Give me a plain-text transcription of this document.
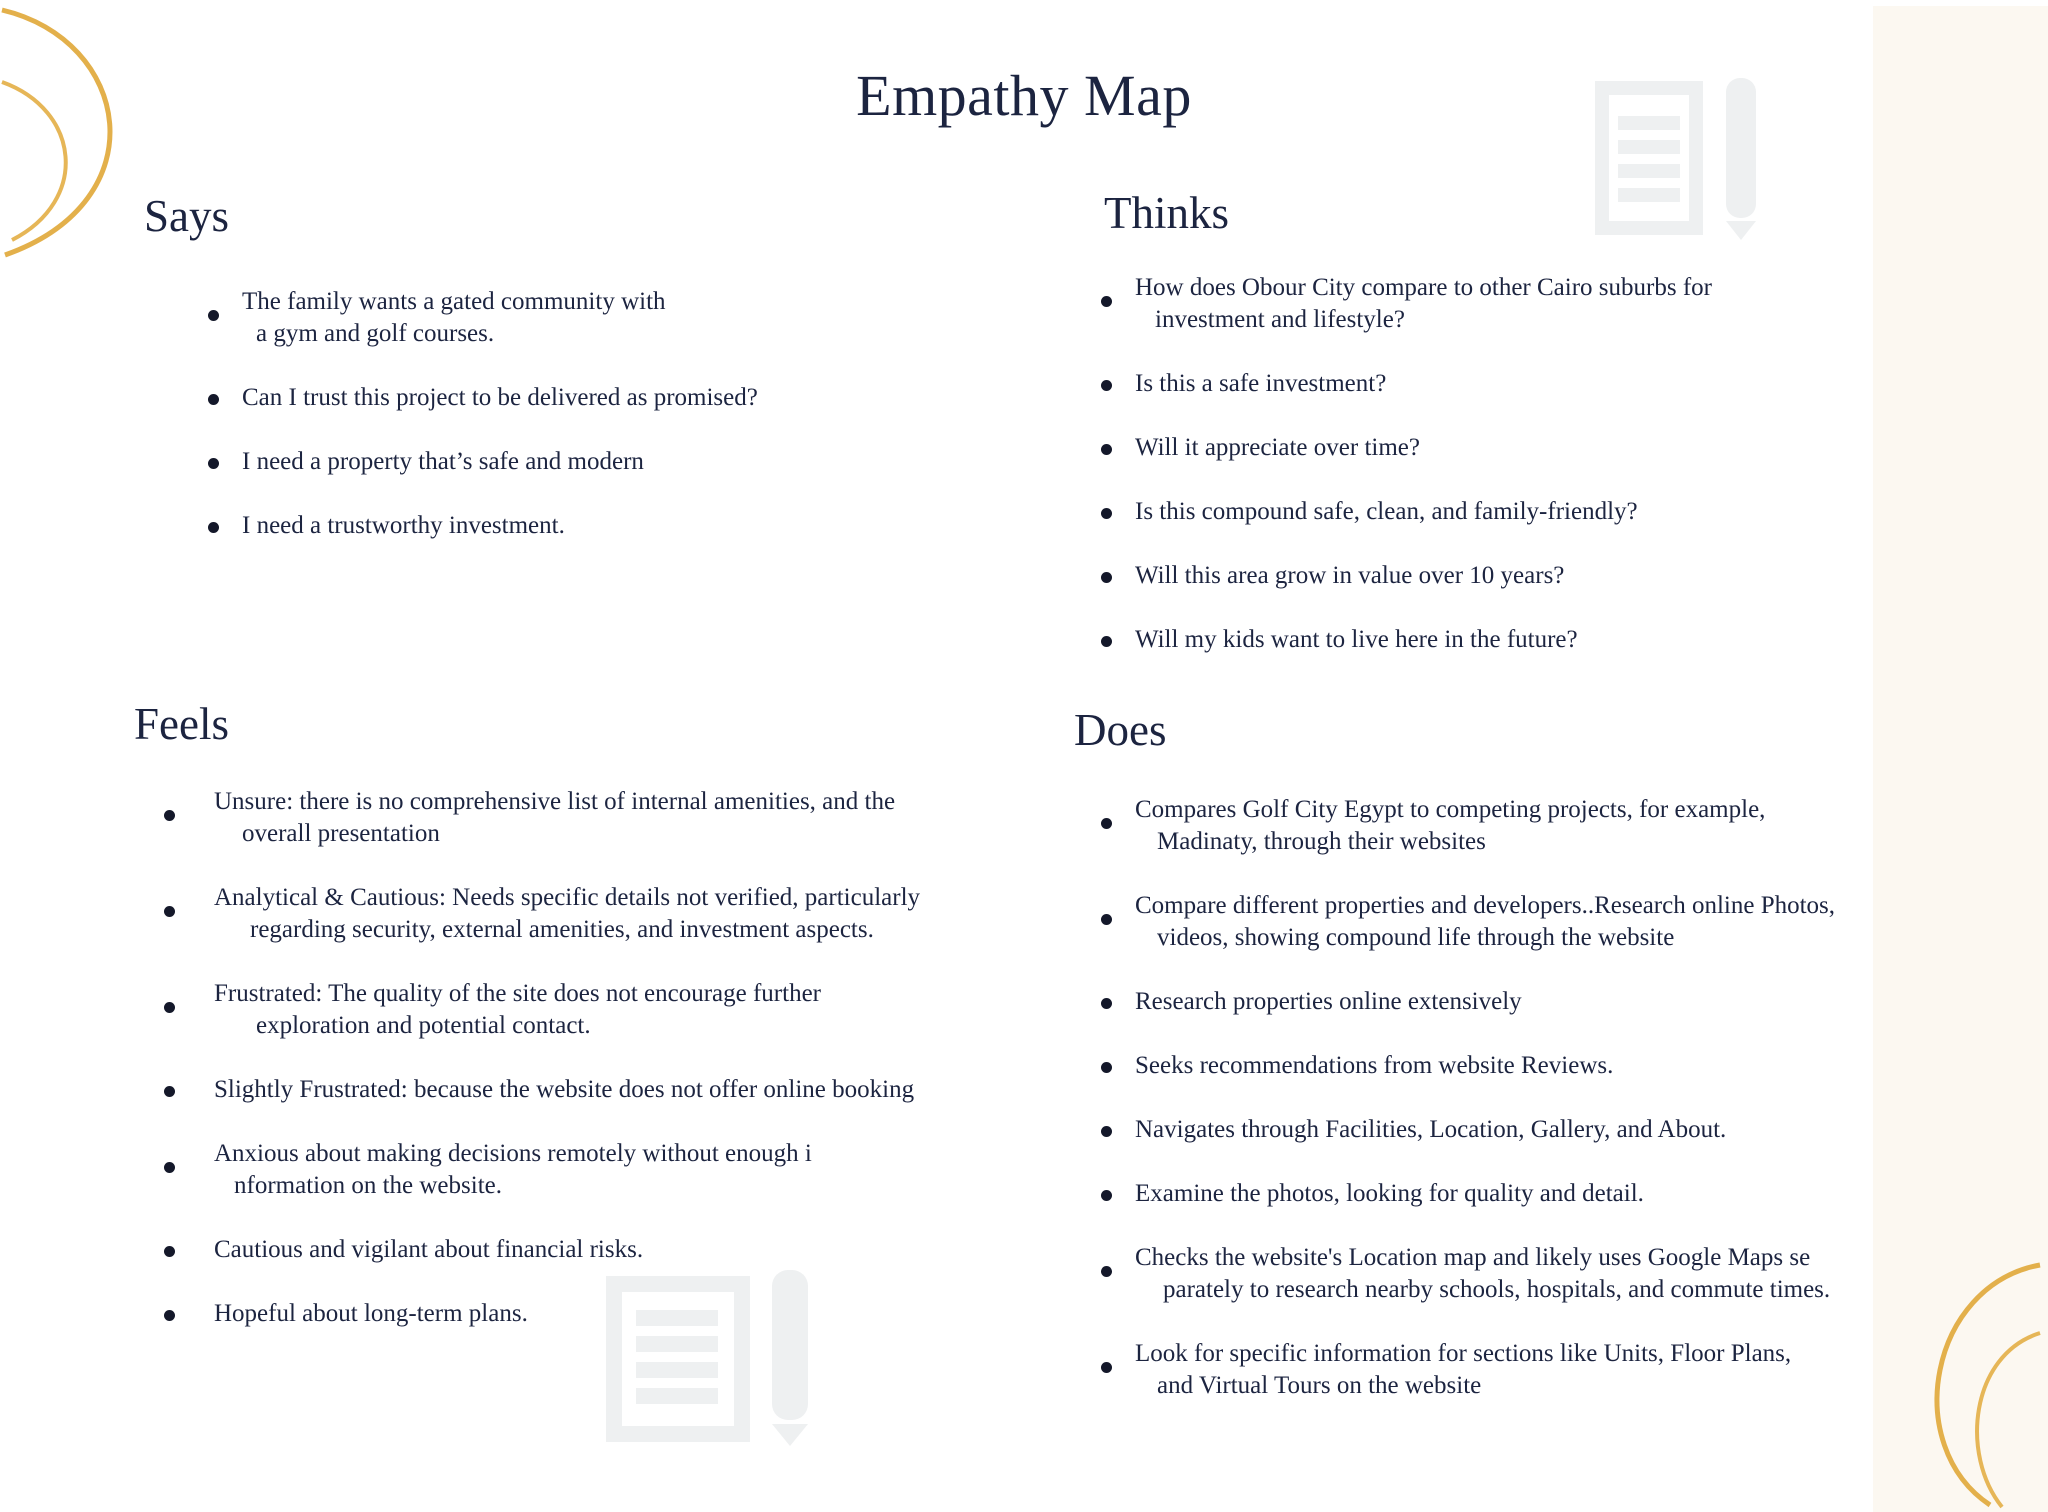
Empathy Map
Says
The family wants a gated community with
a gym and golf courses.
Can I trust this project to be delivered as promised?
I need a property that’s safe and modern
I need a trustworthy investment.
Thinks
How does Obour City compare to other Cairo suburbs for
investment and lifestyle?
Is this a safe investment?
Will it appreciate over time?
Is this compound safe, clean, and family-friendly?
Will this area grow in value over 10 years?
Will my kids want to live here in the future?
Feels
Unsure: there is no comprehensive list of internal amenities, and the
overall presentation
Analytical & Cautious: Needs specific details not verified, particularly
regarding security, external amenities, and investment aspects.
Frustrated: The quality of the site does not encourage further
exploration and potential contact.
Slightly Frustrated: because the website does not offer online booking
Anxious about making decisions remotely without enough i
nformation on the website.
Cautious and vigilant about financial risks.
Hopeful about long-term plans.
Does
Compares Golf City Egypt to competing projects, for example,
Madinaty, through their websites
Compare different properties and developers..Research online Photos,
videos, showing compound life through the website
Research properties online extensively
Seeks recommendations from website Reviews.
Navigates through Facilities, Location, Gallery, and About.
Examine the photos, looking for quality and detail.
Checks the website's Location map and likely uses Google Maps se
parately to research nearby schools, hospitals, and commute times.
Look for specific information for sections like Units, Floor Plans,
and Virtual Tours on the website
